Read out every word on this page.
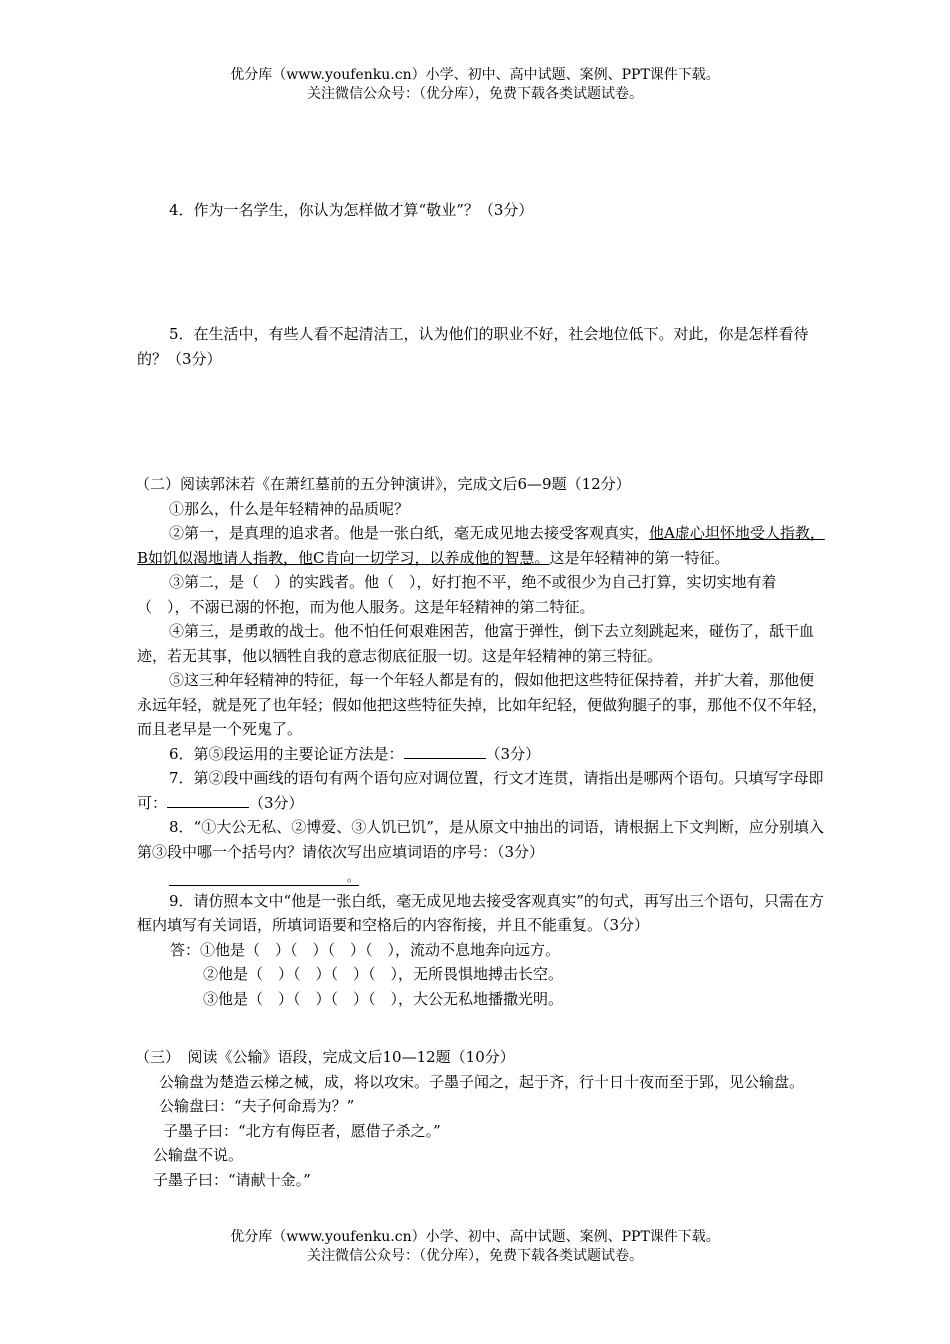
优分库（www.youfenku.cn）小学、初中、高中试题、案例、PPT课件下载。
关注微信公众号：（优分库），免费下载各类试题试卷。

4．作为一名学生，你认为怎样做才算“敬业”？（3分）

5．在生活中，有些人看不起清洁工，认为他们的职业不好，社会地位低下。对此，你是怎样看待的？（3分）

（二）阅读郭沫若《在萧红墓前的五分钟演讲》，完成文后6—9题（12分）

①那么，什么是年轻精神的品质呢？

②第一，是真理的追求者。他是一张白纸，毫无成见地去接受客观真实，他A虚心坦怀地受人指教，B如饥似渴地请人指教，他C肯向一切学习，以养成他的智慧。这是年轻精神的第一特征。

③第二，是（　）的实践者。他（　），好打抱不平，绝不或很少为自己打算，实切实地有着（　），不溺已溺的怀抱，而为他人服务。这是年轻精神的第二特征。

④第三，是勇敢的战士。他不怕任何艰难困苦，他富于弹性，倒下去立刻跳起来，碰伤了，舐干血迹，若无其事，他以牺牲自我的意志彻底征服一切。这是年轻精神的第三特征。

⑤这三种年轻精神的特征，每一个年轻人都是有的，假如他把这些特征保持着，并扩大着，那他便永远年轻，就是死了也年轻；假如他把这些特征失掉，比如年纪轻，便做狗腿子的事，那他不仅不年轻，而且老早是一个死鬼了。

6．第⑤段运用的主要论证方法是：	（3分）

7．第②段中画线的语句有两个语句应对调位置，行文才连贯，请指出是哪两个语句。只填写字母即可：	（3分）

8．“①大公无私、②博爱、③人饥已饥”，是从原文中抽出的词语，请根据上下文判断，应分别填入第③段中哪一个括号内？请依次写出应填词语的序号：（3分）

。

9．请仿照本文中“他是一张白纸，毫无成见地去接受客观真实”的句式，再写出三个语句，只需在方框内填写有关词语，所填词语要和空格后的内容衔接，并且不能重复。（3分）

答：①他是（　）（　）（　）（　），流动不息地奔向远方。

②他是（　）（　）（　）（　），无所畏惧地搏击长空。

③他是（　）（　）（　）（　），大公无私地播撒光明。

（三）　阅读《公输》语段，完成文后10—12题（10分）

公输盘为楚造云梯之械，成，将以攻宋。子墨子闻之，起于齐，行十日十夜而至于郢，见公输盘。

公输盘曰：“夫子何命焉为？”

子墨子曰：“北方有侮臣者，愿借子杀之。”

公输盘不说。

子墨子曰：“请献十金。”

优分库（www.youfenku.cn）小学、初中、高中试题、案例、PPT课件下载。
关注微信公众号：（优分库），免费下载各类试题试卷。
